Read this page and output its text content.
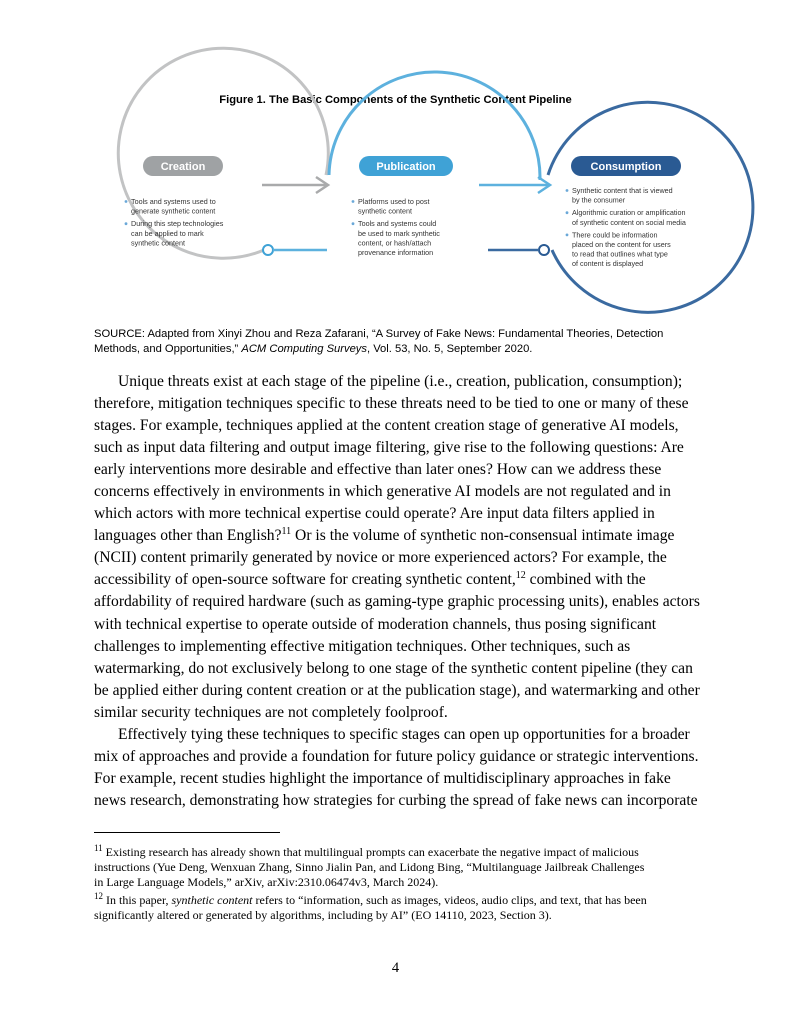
Figure 1. The Basic Components of the Synthetic Content Pipeline
Creation	Publication	Consumption
Tools and systems used to
generate synthetic content
During this step technologies
can be applied to mark
synthetic content
Platforms used to post
synthetic content
Tools and systems could
be used to mark synthetic
content, or hash/attach
provenance information
Synthetic content that is viewed
by the consumer
Algorithmic curation or amplification
of synthetic content on social media
There could be information
placed on the content for users
to read that outlines what type
of content is displayed
SOURCE: Adapted from Xinyi Zhou and Reza Zafarani, “A Survey of Fake News: Fundamental Theories, Detection
Methods, and Opportunities,” ACM Computing Surveys, Vol. 53, No. 5, September 2020.

Unique threats exist at each stage of the pipeline (i.e., creation, publication, consumption);
therefore, mitigation techniques specific to these threats need to be tied to one or many of these
stages. For example, techniques applied at the content creation stage of generative AI models,
such as input data filtering and output image filtering, give rise to the following questions: Are
early interventions more desirable and effective than later ones? How can we address these
concerns effectively in environments in which generative AI models are not regulated and in
which actors with more technical expertise could operate? Are input data filters applied in
languages other than English?$^{11}$ Or is the volume of synthetic non-consensual intimate image
(NCII) content primarily generated by novice or more experienced actors? For example, the
accessibility of open-source software for creating synthetic content,$^{12}$ combined with the
affordability of required hardware (such as gaming-type graphic processing units), enables actors
with technical expertise to operate outside of moderation channels, thus posing significant
challenges to implementing effective mitigation techniques. Other techniques, such as
watermarking, do not exclusively belong to one stage of the synthetic content pipeline (they can
be applied either during content creation or at the publication stage), and watermarking and other
similar security techniques are not completely foolproof.

Effectively tying these techniques to specific stages can open up opportunities for a broader
mix of approaches and provide a foundation for future policy guidance or strategic interventions.
For example, recent studies highlight the importance of multidisciplinary approaches in fake
news research, demonstrating how strategies for curbing the spread of fake news can incorporate

$^{11}$ Existing research has already shown that multilingual prompts can exacerbate the negative impact of malicious
instructions (Yue Deng, Wenxuan Zhang, Sinno Jialin Pan, and Lidong Bing, “Multilanguage Jailbreak Challenges
in Large Language Models,” arXiv, arXiv:2310.06474v3, March 2024).

$^{12}$ In this paper, synthetic content refers to “information, such as images, videos, audio clips, and text, that has been
significantly altered or generated by algorithms, including by AI” (EO 14110, 2023, Section 3).

4
